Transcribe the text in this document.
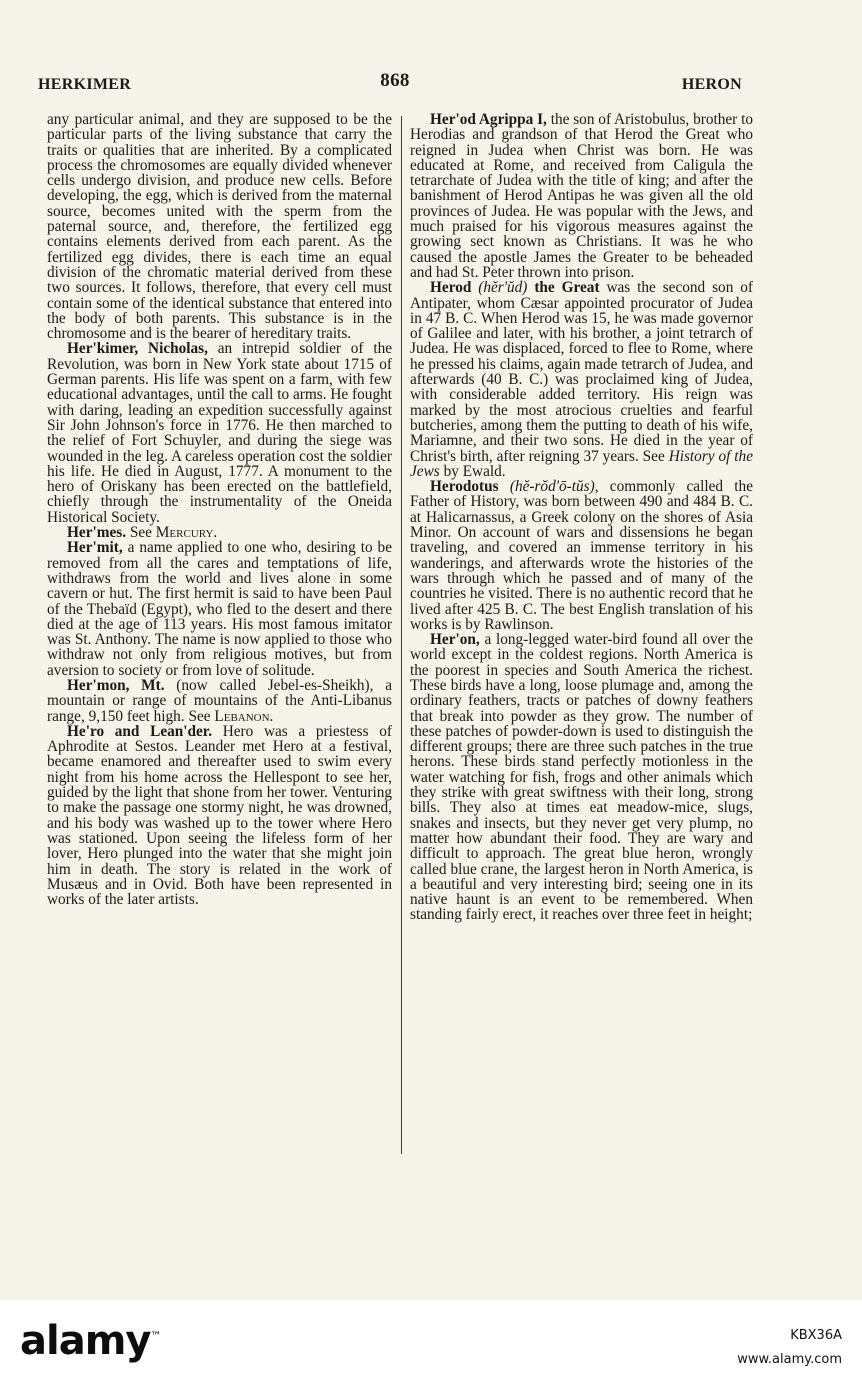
HERKIMER	868	HERON

any particular animal, and they are supposed to be the particular parts of the living substance that carry the traits or qualities that are inherited. By a complicated process the chromosomes are equally divided whenever cells undergo division, and produce new cells. Before developing, the egg, which is derived from the maternal source, becomes united with the sperm from the paternal source, and, therefore, the fertilized egg contains elements derived from each parent. As the fertilized egg divides, there is each time an equal division of the chromatic material derived from these two sources. It follows, therefore, that every cell must contain some of the identical substance that entered into the body of both parents. This substance is in the chromosome and is the bearer of hereditary traits.

Her'kimer, Nicholas, an intrepid soldier of the Revolution, was born in New York state about 1715 of German parents. His life was spent on a farm, with few educational advantages, until the call to arms. He fought with daring, leading an expedition successfully against Sir John Johnson's force in 1776. He then marched to the relief of Fort Schuyler, and during the siege was wounded in the leg. A careless operation cost the soldier his life. He died in August, 1777. A monument to the hero of Oriskany has been erected on the battlefield, chiefly through the instrumentality of the Oneida Historical Society.

Her'mes. See Mercury.

Her'mit, a name applied to one who, desiring to be removed from all the cares and temptations of life, withdraws from the world and lives alone in some cavern or hut. The first hermit is said to have been Paul of the Thebaïd (Egypt), who fled to the desert and there died at the age of 113 years. His most famous imitator was St. Anthony. The name is now applied to those who withdraw not only from religious motives, but from aversion to society or from love of solitude.

Her'mon, Mt. (now called Jebel-es-Sheikh), a mountain or range of mountains of the Anti-Libanus range, 9,150 feet high. See Lebanon.

He'ro and Lean'der. Hero was a priestess of Aphrodite at Sestos. Leander met Hero at a festival, became enamored and thereafter used to swim every night from his home across the Hellespont to see her, guided by the light that shone from her tower. Venturing to make the passage one stormy night, he was drowned, and his body was washed up to the tower where Hero was stationed. Upon seeing the lifeless form of her lover, Hero plunged into the water that she might join him in death. The story is related in the work of Musæus and in Ovid. Both have been represented in works of the later artists.

Her'od Agrippa I, the son of Aristobulus, brother to Herodias and grandson of that Herod the Great who reigned in Judea when Christ was born. He was educated at Rome, and received from Caligula the tetrarchate of Judea with the title of king; and after the banishment of Herod Antipas he was given all the old provinces of Judea. He was popular with the Jews, and much praised for his vigorous measures against the growing sect known as Christians. It was he who caused the apostle James the Greater to be beheaded and had St. Peter thrown into prison.

Herod (hĕr'ŭd) the Great was the second son of Antipater, whom Cæsar appointed procurator of Judea in 47 B. C. When Herod was 15, he was made governor of Galilee and later, with his brother, a joint tetrarch of Judea. He was displaced, forced to flee to Rome, where he pressed his claims, again made tetrarch of Judea, and afterwards (40 B. C.) was proclaimed king of Judea, with considerable added territory. His reign was marked by the most atrocious cruelties and fearful butcheries, among them the putting to death of his wife, Mariamne, and their two sons. He died in the year of Christ's birth, after reigning 37 years. See History of the Jews by Ewald.

Herodotus (hĕ-rŏd'ō-tŭs), commonly called the Father of History, was born between 490 and 484 B. C. at Halicarnassus, a Greek colony on the shores of Asia Minor. On account of wars and dissensions he began traveling, and covered an immense territory in his wanderings, and afterwards wrote the histories of the wars through which he passed and of many of the countries he visited. There is no authentic record that he lived after 425 B. C. The best English translation of his works is by Rawlinson.

Her'on, a long-legged water-bird found all over the world except in the coldest regions. North America is the poorest in species and South America the richest. These birds have a long, loose plumage and, among the ordinary feathers, tracts or patches of downy feathers that break into powder as they grow. The number of these patches of powder-down is used to distinguish the different groups; there are three such patches in the true herons. These birds stand perfectly motionless in the water watching for fish, frogs and other animals which they strike with great swiftness with their long, strong bills. They also at times eat meadow-mice, slugs, snakes and insects, but they never get very plump, no matter how abundant their food. They are wary and difficult to approach. The great blue heron, wrongly called blue crane, the largest heron in North America, is a beautiful and very interesting bird; seeing one in its native haunt is an event to be remembered. When standing fairly erect, it reaches over three feet in height;

alamy™	KBX36A
www.alamy.com
